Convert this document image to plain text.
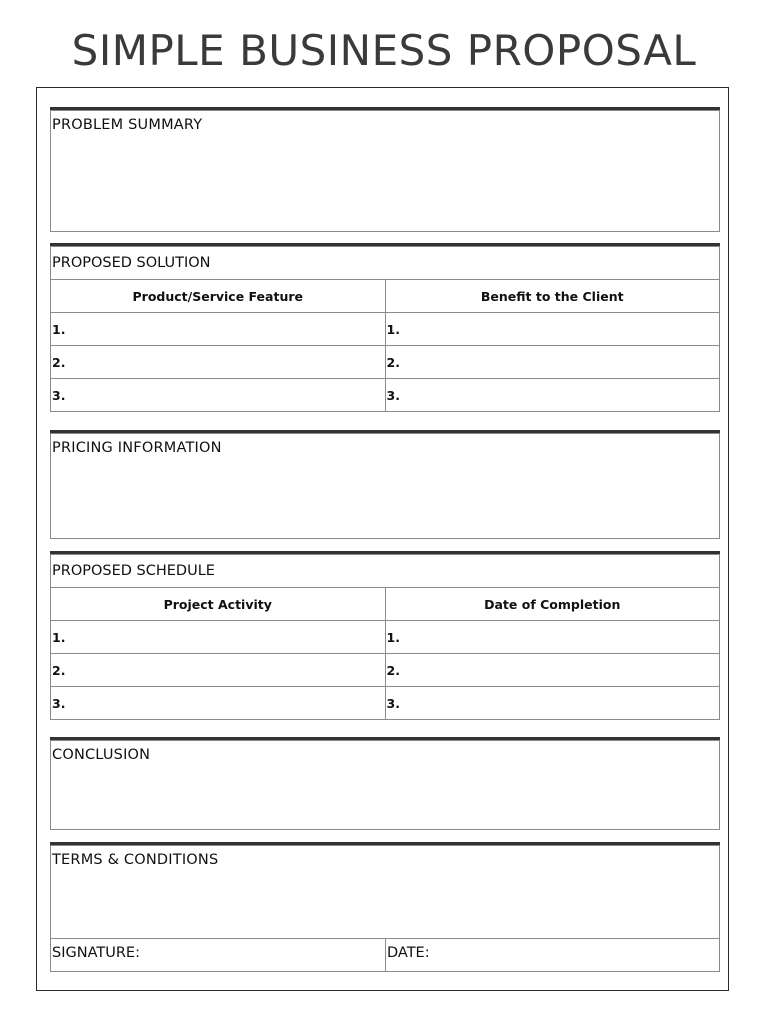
SIMPLE BUSINESS PROPOSAL
PROBLEM SUMMARY
PROPOSED SOLUTION	
Product/Service Feature	Benefit to the Client
1.	1.
2.	2.
3.	3.
PRICING INFORMATION
PROPOSED SCHEDULE	
Project Activity	Date of Completion
1.	1.
2.	2.
3.	3.
CONCLUSION
TERMS & CONDITIONS
SIGNATURE:	DATE:
